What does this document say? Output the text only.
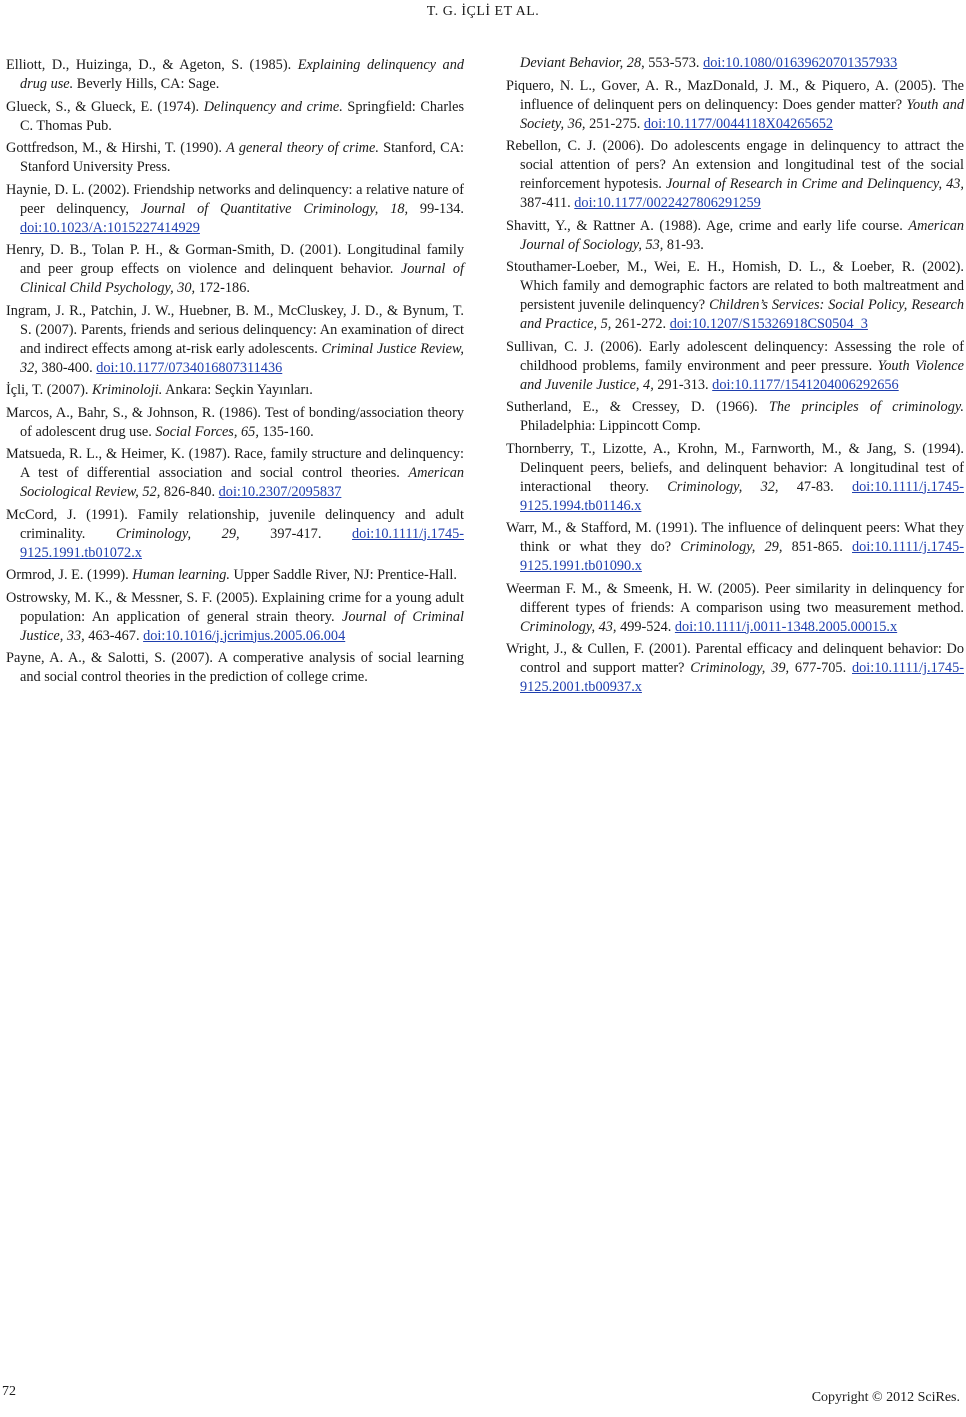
T. G. İÇLİ ET AL.

Elliott, D., Huizinga, D., & Ageton, S. (1985). Explaining delinquency and drug use. Beverly Hills, CA: Sage.

Glueck, S., & Glueck, E. (1974). Delinquency and crime. Springfield: Charles C. Thomas Pub.

Gottfredson, M., & Hirshi, T. (1990). A general theory of crime. Stanford, CA: Stanford University Press.

Haynie, D. L. (2002). Friendship networks and delinquency: a relative nature of peer delinquency, Journal of Quantitative Criminology, 18, 99-134. doi:10.1023/A:1015227414929

Henry, D. B., Tolan P. H., & Gorman-Smith, D. (2001). Longitudinal family and peer group effects on violence and delinquent behavior. Journal of Clinical Child Psychology, 30, 172-186.

Ingram, J. R., Patchin, J. W., Huebner, B. M., McCluskey, J. D., & Bynum, T. S. (2007). Parents, friends and serious delinquency: An examination of direct and indirect effects among at-risk early adolescents. Criminal Justice Review, 32, 380-400. doi:10.1177/0734016807311436

İçli, T. (2007). Kriminoloji. Ankara: Seçkin Yayınları.

Marcos, A., Bahr, S., & Johnson, R. (1986). Test of bonding/association theory of adolescent drug use. Social Forces, 65, 135-160.

Matsueda, R. L., & Heimer, K. (1987). Race, family structure and delinquency: A test of differential association and social control theories. American Sociological Review, 52, 826-840. doi:10.2307/2095837

McCord, J. (1991). Family relationship, juvenile delinquency and adult criminality. Criminology, 29, 397-417. doi:10.1111/j.1745-9125.1991.tb01072.x

Ormrod, J. E. (1999). Human learning. Upper Saddle River, NJ: Prentice-Hall.

Ostrowsky, M. K., & Messner, S. F. (2005). Explaining crime for a young adult population: An application of general strain theory. Journal of Criminal Justice, 33, 463-467. doi:10.1016/j.jcrimjus.2005.06.004

Payne, A. A., & Salotti, S. (2007). A comperative analysis of social learning and social control theories in the prediction of college crime.

Deviant Behavior, 28, 553-573. doi:10.1080/01639620701357933

Piquero, N. L., Gover, A. R., MazDonald, J. M., & Piquero, A. (2005). The influence of delinquent pers on delinquency: Does gender matter? Youth and Society, 36, 251-275. doi:10.1177/0044118X04265652

Rebellon, C. J. (2006). Do adolescents engage in delinquency to attract the social attention of pers? An extension and longitudinal test of the social reinforcement hypotesis. Journal of Research in Crime and Delinquency, 43, 387-411. doi:10.1177/0022427806291259

Shavitt, Y., & Rattner A. (1988). Age, crime and early life course. American Journal of Sociology, 53, 81-93.

Stouthamer-Loeber, M., Wei, E. H., Homish, D. L., & Loeber, R. (2002). Which family and demographic factors are related to both maltreatment and persistent juvenile delinquency? Children’s Services: Social Policy, Research and Practice, 5, 261-272. doi:10.1207/S15326918CS0504_3

Sullivan, C. J. (2006). Early adolescent delinquency: Assessing the role of childhood problems, family environment and peer pressure. Youth Violence and Juvenile Justice, 4, 291-313. doi:10.1177/1541204006292656

Sutherland, E., & Cressey, D. (1966). The principles of criminology. Philadelphia: Lippincott Comp.

Thornberry, T., Lizotte, A., Krohn, M., Farnworth, M., & Jang, S. (1994). Delinquent peers, beliefs, and delinquent behavior: A longitudinal test of interactional theory. Criminology, 32, 47-83. doi:10.1111/j.1745-9125.1994.tb01146.x

Warr, M., & Stafford, M. (1991). The influence of delinquent peers: What they think or what they do? Criminology, 29, 851-865. doi:10.1111/j.1745-9125.1991.tb01090.x

Weerman F. M., & Smeenk, H. W. (2005). Peer similarity in delinquency for different types of friends: A comparison using two measurement method. Criminology, 43, 499-524. doi:10.1111/j.0011-1348.2005.00015.x

Wright, J., & Cullen, F. (2001). Parental efficacy and delinquent behavior: Do control and support matter? Criminology, 39, 677-705. doi:10.1111/j.1745-9125.2001.tb00937.x

72	Copyright © 2012 SciRes.
